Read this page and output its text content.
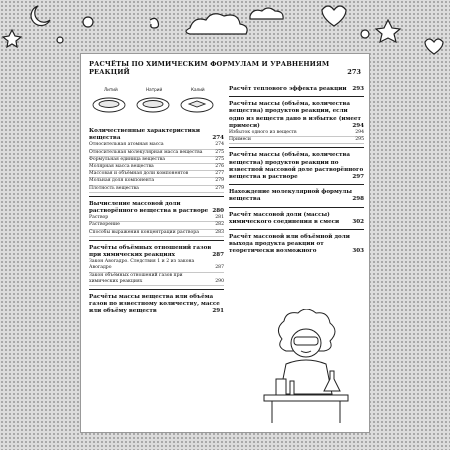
РАСЧЁТЫ ПО ХИМИЧЕСКИМ ФОРМУЛАМ И УРАВНЕНИЯМ РЕАКЦИЙ	273
Литий	Натрий	Калий
Количественные характеристики вещества	274
Относительная атомная масса	274
Относительная молекулярная масса вещества	275
Формульная единица вещества	275
Молярная масса вещества	276
Массовая и объёмная доли компонентов	277
Мольная доля компонента	279
Плотность вещества	279
Вычисление массовой доли растворённого вещества в растворе 280
Раствор	281
Растворение	282
Способы выражения концентрации раствора	283
Расчёты объёмных отношений газов при химических реакциях	287
Закон Авогадро. Следствия 1 и 2 из закона Авогадро	287
Закон объёмных отношений газов при химических реакциях	290
Расчёты массы вещества или объёма газов по известному количеству, массе или объёму веществ	291
Расчёт теплового эффекта реакции 293
Расчёты массы (объёма, количества вещества) продуктов реакции, если одно из веществ дано в избытке (имеет примеси)	294
Избыток одного из веществ	294
Примеси	295
Расчёты массы (объёма, количества вещества) продуктов реакции по известной массовой доле растворённого вещества в растворе	297
Нахождение молекулярной формулы вещества	298
Расчёт массовой доли (массы) химического соединения в смеси 302
Расчёт массовой или объёмной доли выхода продукта реакции от теоретически возможного	303
